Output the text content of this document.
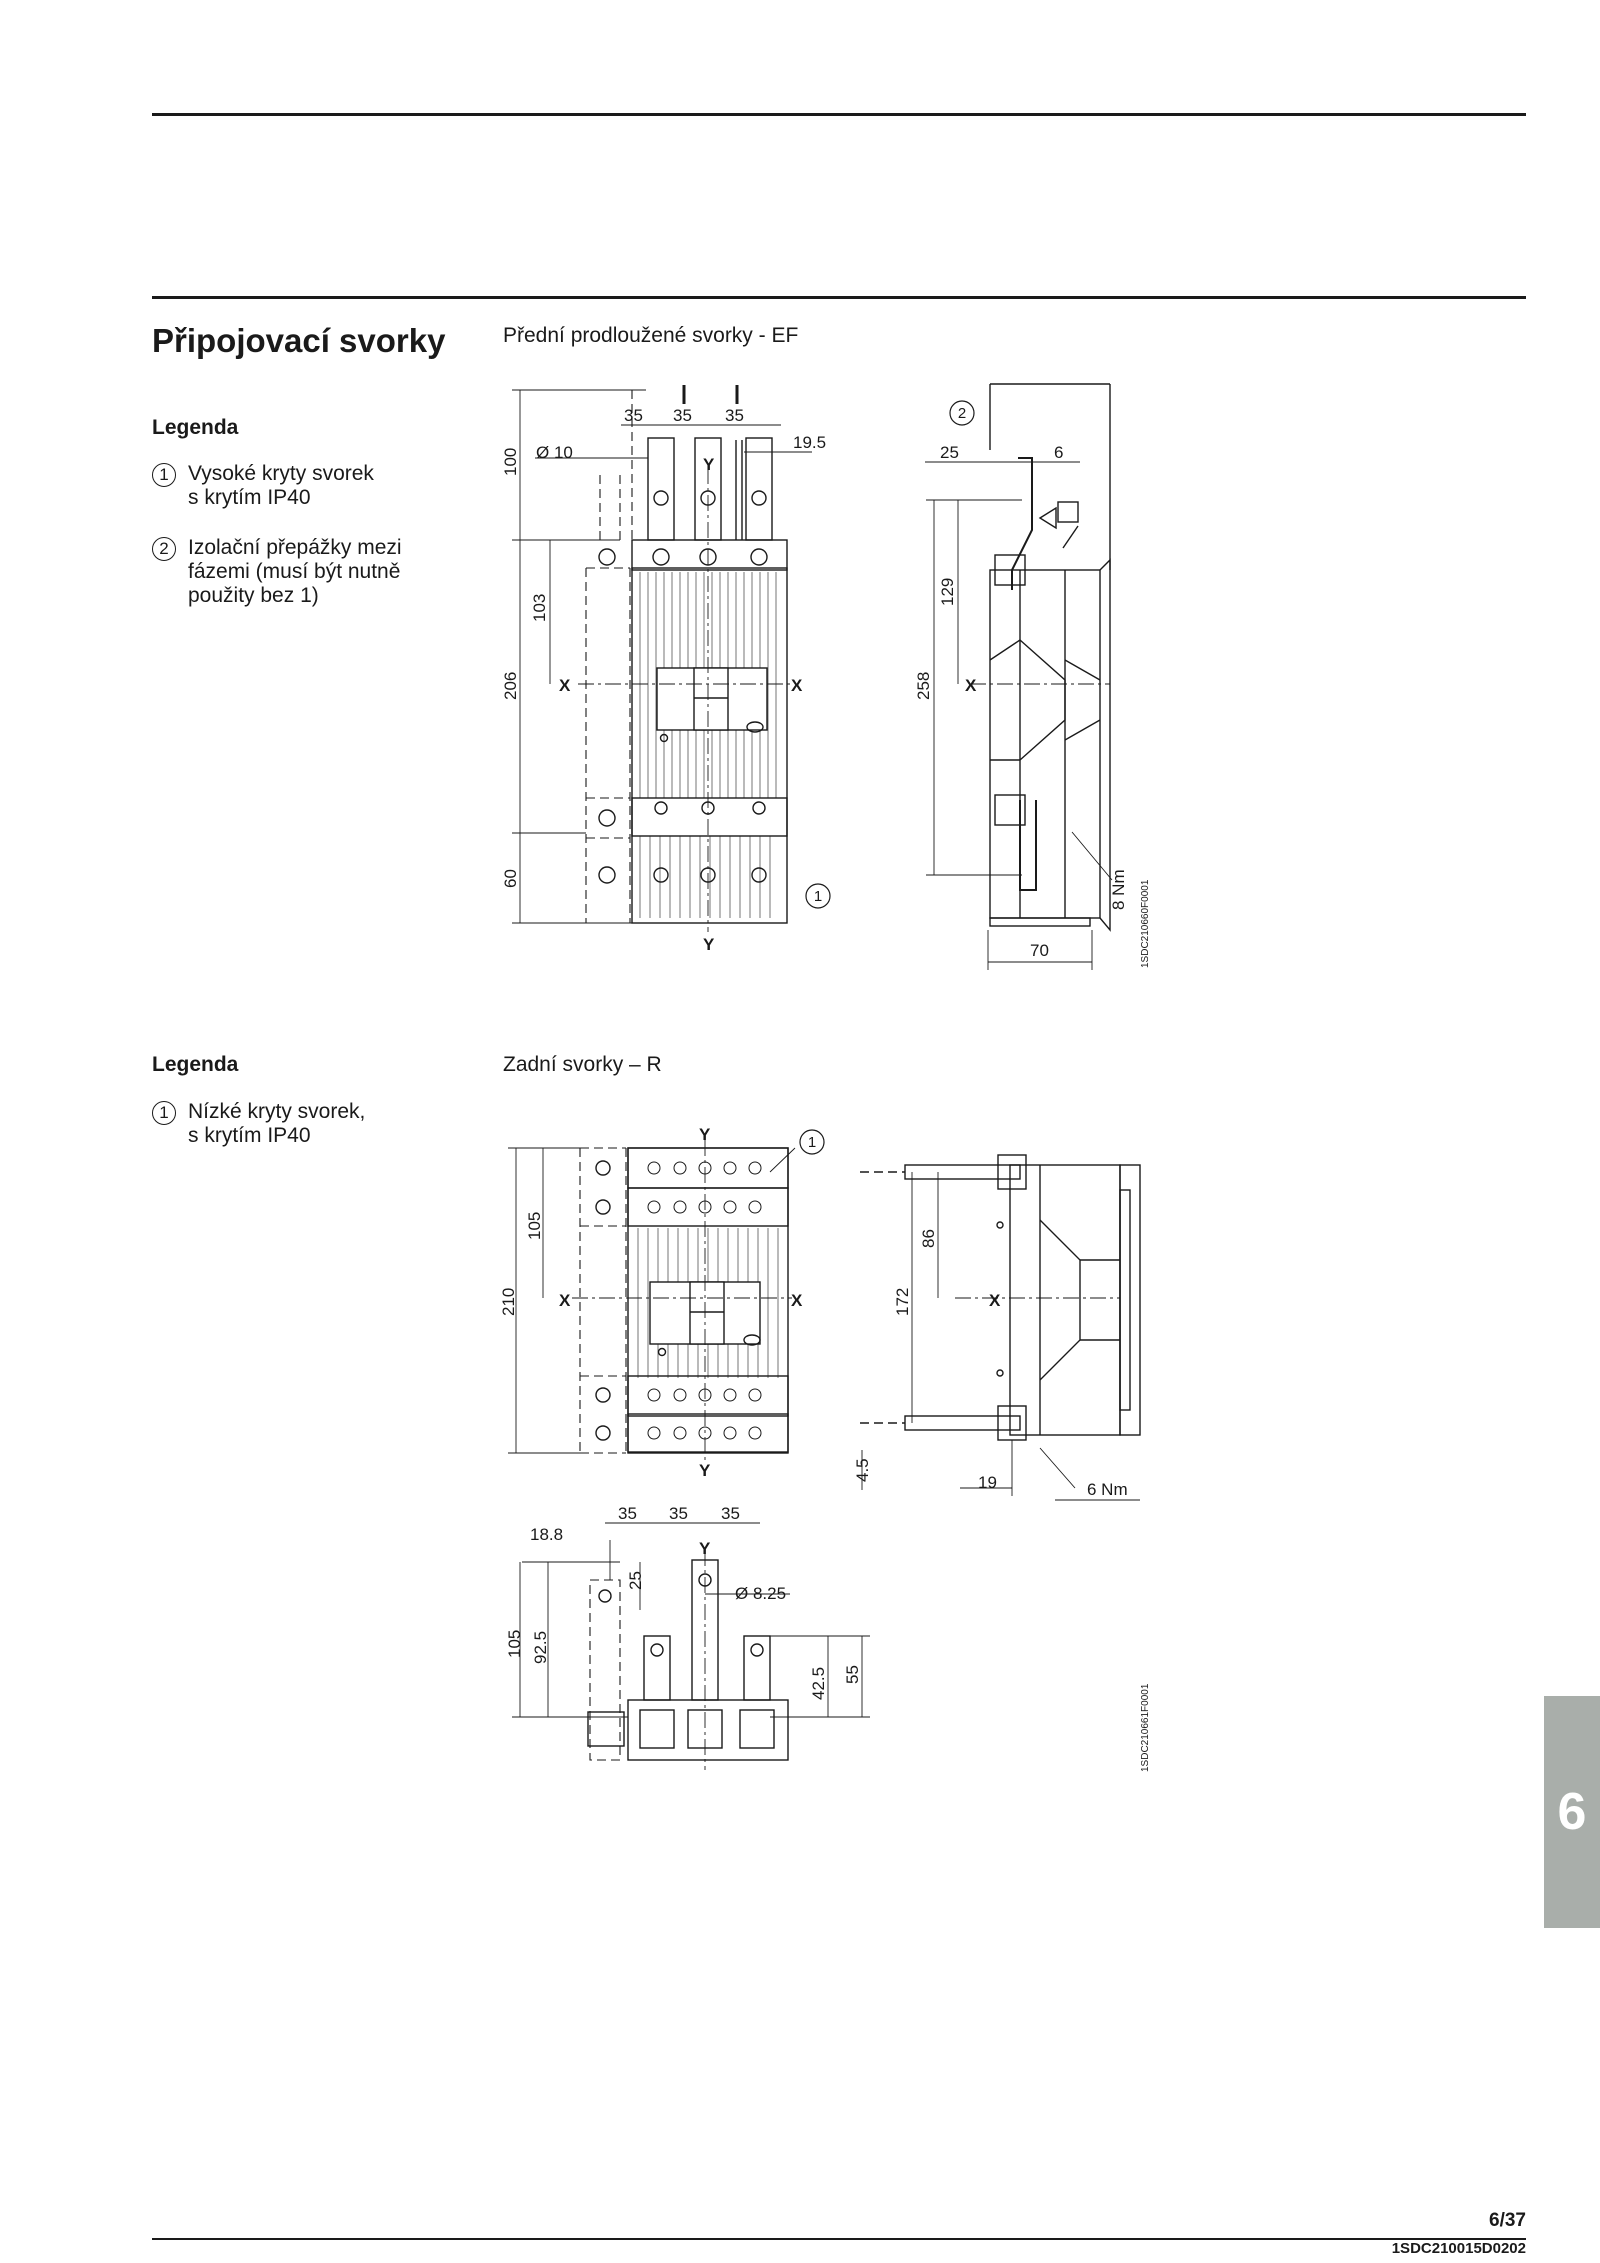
Připojovací svorky
Legenda
1 Vysoké kryty svorek
s krytím IP40
2 Izolační přepážky mezi
fázemi (musí být nutně
použity bez 1)
Přední prodloužené svorky - EF
Legenda
1 Nízké kryty svorek,
s krytím IP40
Zadní svorky – R
35 35 35
19.5
Ø 10
Y
Y
X	X	X
100
103
206
60
25	6
129
258
8 Nm
70	1SDC210660F0001
Y
Y
X	X	X
105
210
86
172
4.5
19	6 Nm
35 35 35
18.8
Y
25
Ø 8.25
105 92.5
42.5 55
1SDC210661F0001
1
2
1
6
6/37
1SDC210015D0202
